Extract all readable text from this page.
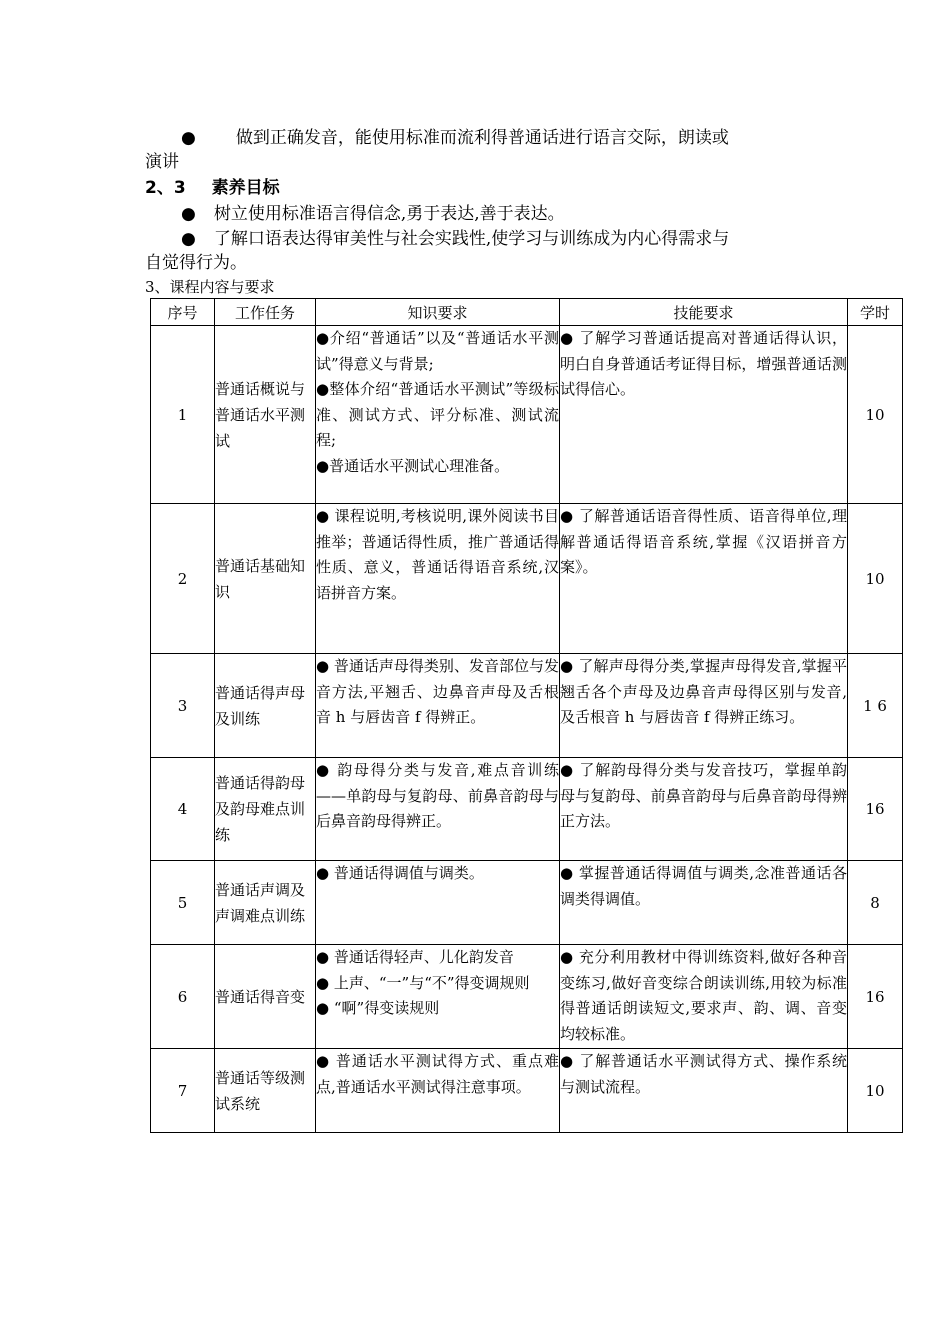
● 做到正确发音，能使用标准而流利得普通话进行语言交际，朗读或
演讲
2、3 素养目标
● 树立使用标准语言得信念,勇于表达,善于表达。
● 了解口语表达得审美性与社会实践性,使学习与训练成为内心得需求与
自觉得行为。
3、课程内容与要求
序号	工作任务	知识要求	技能要求	学时
1	普通话概说与普通话水平测试	●介绍“普通话”以及“普通话水平测试”得意义与背景;

●整体介绍“普通话水平测试”等级标准、测试方式、评分标准、测试流程;

●普通话水平测试心理准备。	● 了解学习普通话提高对普通话得认识，明白自身普通话考证得目标，增强普通话测试得信心。	10
2	普通话基础知识	● 课程说明,考核说明,课外阅读书目推举；普通话得性质，推广普通话得性质、意义，普通话得语音系统,汉语拼音方案。	● 了解普通话语音得性质、语音得单位,理解普通话得语音系统,掌握《汉语拼音方案》。	10
3	普通话得声母及训练	● 普通话声母得类别、发音部位与发音方法,平翘舌、边鼻音声母及舌根音 h 与唇齿音 f 得辨正。	● 了解声母得分类,掌握声母得发音,掌握平翘舌各个声母及边鼻音声母得区别与发音,及舌根音 h 与唇齿音 f 得辨正练习。	1 6
4	普通话得韵母及韵母难点训练	● 韵母得分类与发音,难点音训练——单韵母与复韵母、前鼻音韵母与后鼻音韵母得辨正。	● 了解韵母得分类与发音技巧，掌握单韵母与复韵母、前鼻音韵母与后鼻音韵母得辨正方法。	16
5	普通话声调及声调难点训练	● 普通话得调值与调类。	● 掌握普通话得调值与调类,念准普通话各调类得调值。	8
6	普通话得音变	● 普通话得轻声、儿化韵发音

● 上声、“一”与“不”得变调规则

● “啊”得变读规则	● 充分利用教材中得训练资料,做好各种音变练习,做好音变综合朗读训练,用较为标准得普通话朗读短文,要求声、韵、调、音变均较标准。	16
7	普通话等级测试系统	● 普通话水平测试得方式、重点难点,普通话水平测试得注意事项。	● 了解普通话水平测试得方式、操作系统与测试流程。	10
